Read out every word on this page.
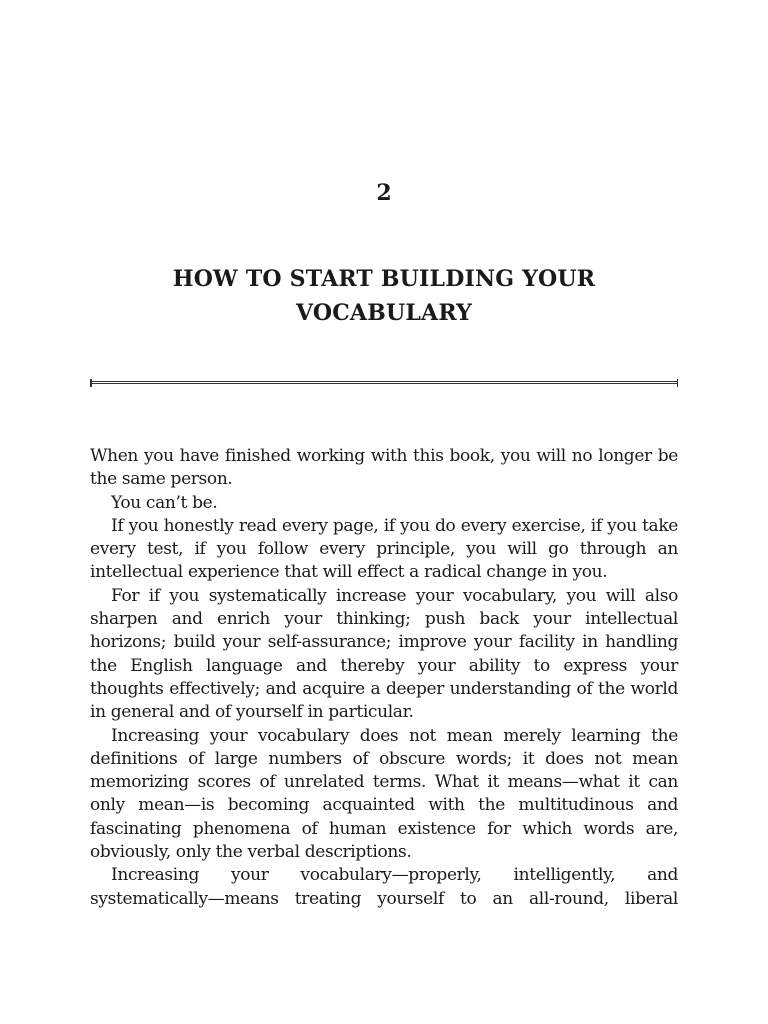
2
HOW TO START BUILDING YOUR VOCABULARY

When you have finished working with this book, you will no longer be the same person.

You can’t be.

If you honestly read every page, if you do every exercise, if you take every test, if you follow every principle, you will go through an intellectual experience that will effect a radical change in you.

For if you systematically increase your vocabulary, you will also sharpen and enrich your thinking; push back your intellectual horizons; build your self-assurance; improve your facility in handling the English language and thereby your ability to express your thoughts effectively; and acquire a deeper understanding of the world in general and of yourself in particular.

Increasing your vocabulary does not mean merely learning the definitions of large numbers of obscure words; it does not mean memorizing scores of unrelated terms. What it means—what it can only mean—is becoming acquainted with the multitudinous and fascinating phenomena of human existence for which words are, obviously, only the verbal descriptions.

Increasing your vocabulary—properly, intelligently, and systematically—means treating yourself to an all-round, liberal
